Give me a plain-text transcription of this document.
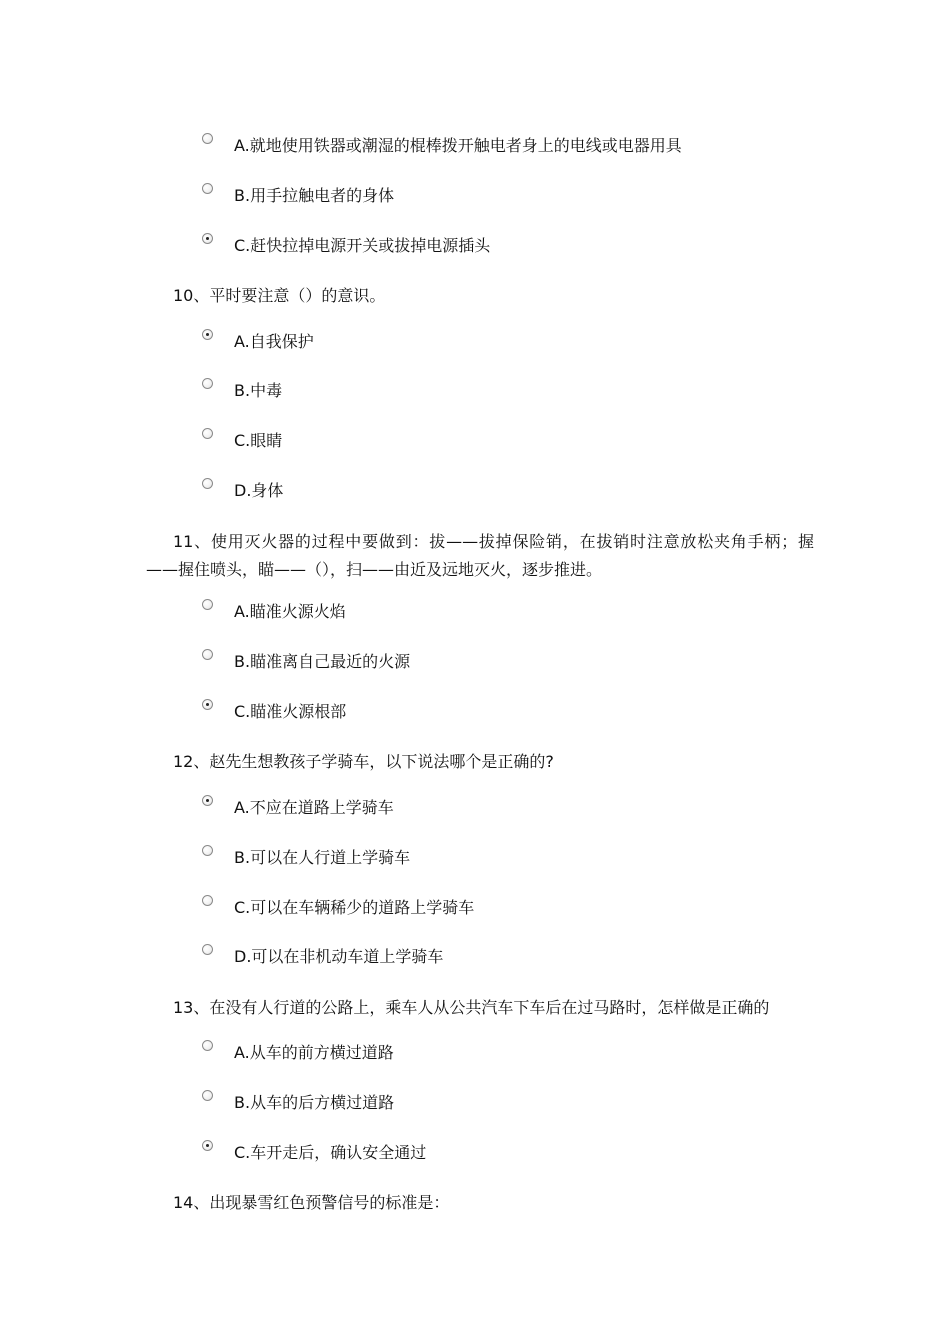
A.就地使用铁器或潮湿的棍棒拨开触电者身上的电线或电器用具
B.用手拉触电者的身体
C.赶快拉掉电源开关或拔掉电源插头
10、平时要注意（）的意识。
A.自我保护
B.中毒
C.眼睛
D.身体
11、使用灭火器的过程中要做到：拔——拔掉保险销，在拔销时注意放松夹角手柄；握——握住喷头，瞄——（），扫——由近及远地灭火，逐步推进。
A.瞄准火源火焰
B.瞄准离自己最近的火源
C.瞄准火源根部
12、赵先生想教孩子学骑车，以下说法哪个是正确的?
A.不应在道路上学骑车
B.可以在人行道上学骑车
C.可以在车辆稀少的道路上学骑车
D.可以在非机动车道上学骑车
13、在没有人行道的公路上，乘车人从公共汽车下车后在过马路时，怎样做是正确的
A.从车的前方横过道路
B.从车的后方横过道路
C.车开走后，确认安全通过
14、出现暴雪红色预警信号的标准是：
